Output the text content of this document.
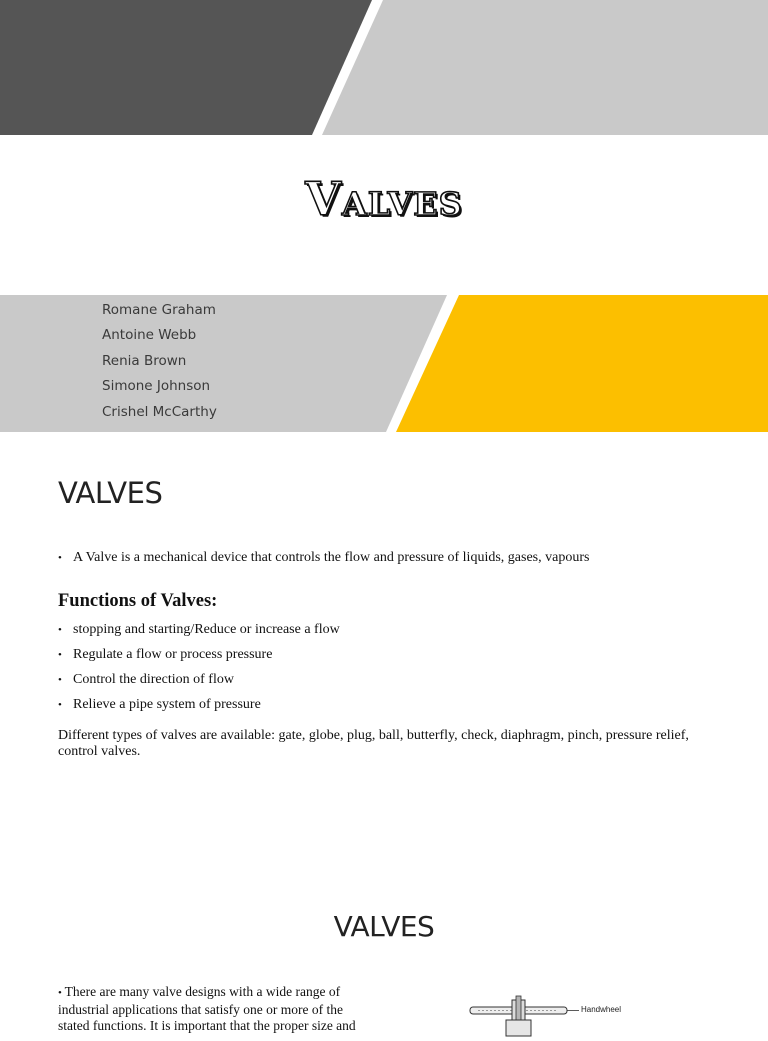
Valves
Romane Graham
Antoine Webb
Renia Brown
Simone Johnson
Crishel McCarthy
VALVES
• A Valve is a mechanical device that controls the flow and pressure of liquids, gases, vapours
Functions of Valves:
• stopping and starting/Reduce or increase a flow
• Regulate a flow or process pressure
• Control the direction of flow
• Relieve a pipe system of pressure

Different types of valves are available: gate, globe, plug, ball, butterfly, check, diaphragm, pinch, pressure relief, control valves.

VALVES

• There are many valve designs with a wide range of industrial applications that satisfy one or more of the stated functions. It is important that the proper size and

Handwheel
